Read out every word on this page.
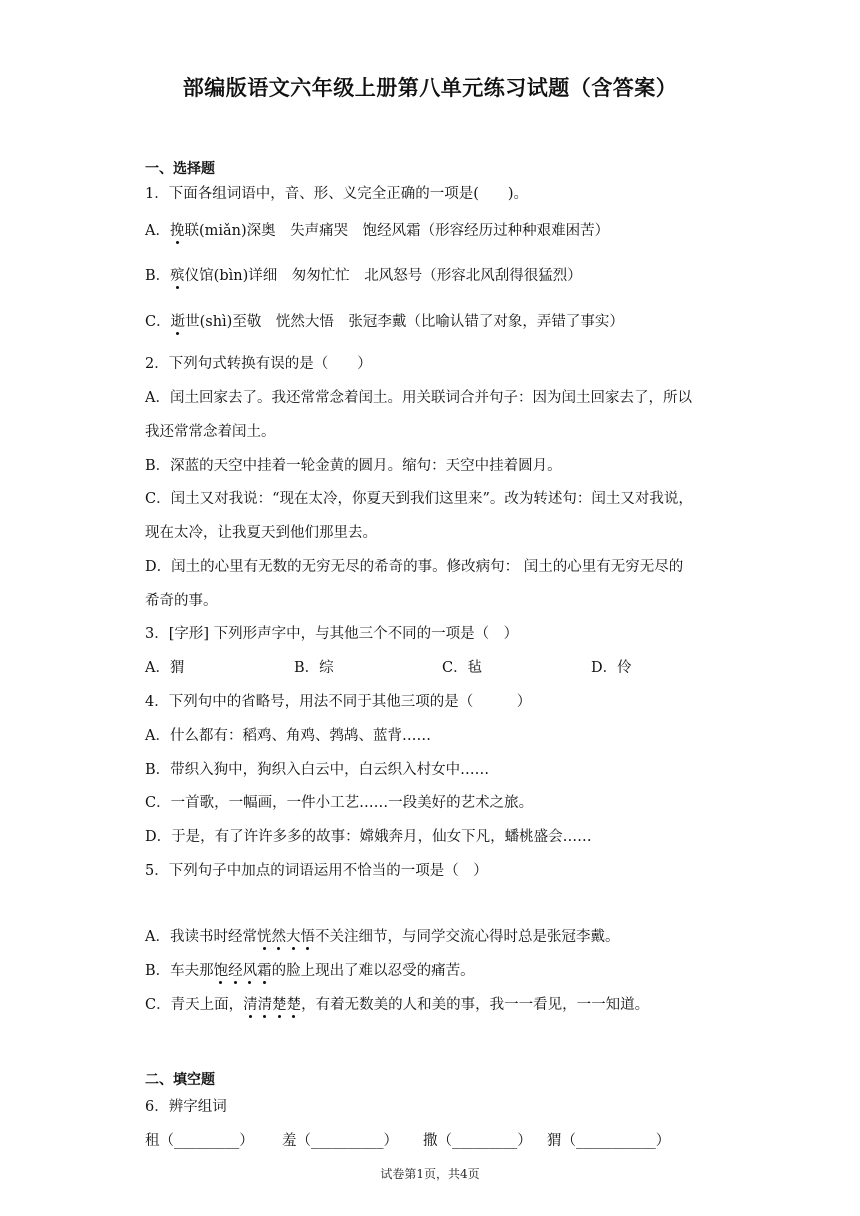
部编版语文六年级上册第八单元练习试题（含答案）
一、选择题
1．下面各组词语中，音、形、义完全正确的一项是(　　)。
A．挽联(miǎn)深奥　失声痛哭　饱经风霜（形容经历过种种艰难困苦）
B．殡仪馆(bìn)详细　匆匆忙忙　北风怒号（形容北风刮得很猛烈）
C．逝世(shì)至敬　恍然大悟　张冠李戴（比喻认错了对象，弄错了事实）
2．下列句式转换有误的是（　　）
A．闰土回家去了。我还常常念着闰土。用关联词合并句子：因为闰土回家去了，所以
我还常常念着闰土。
B．深蓝的天空中挂着一轮金黄的圆月。缩句：天空中挂着圆月。
C．闰土又对我说：“现在太冷，你夏天到我们这里来”。改为转述句：闰土又对我说，
现在太冷，让我夏天到他们那里去。
D．闰土的心里有无数的无穷无尽的希奇的事。修改病句： 闰土的心里有无穷无尽的
希奇的事。
3．[字形] 下列形声字中，与其他三个不同的一项是（　）
A．猬	B．综	C．毡	D．伶
4．下列句中的省略号，用法不同于其他三项的是（　　　）
A．什么都有：稻鸡、角鸡、鹁鸪、蓝背……
B．带织入狗中，狗织入白云中，白云织入村女中……
C．一首歌，一幅画，一件小工艺……一段美好的艺术之旅。
D．于是，有了许许多多的故事：嫦娥奔月，仙女下凡，蟠桃盛会……
5．下列句子中加点的词语运用不恰当的一项是（　）
A．我读书时经常恍然大悟不关注细节，与同学交流心得时总是张冠李戴。
B．车夫那饱经风霜的脸上现出了难以忍受的痛苦。
C．青天上面，清清楚楚，有着无数美的人和美的事，我一一看见，一一知道。
二、填空题
6．辨字组词
租（_________） 羞（__________） 撒（_________） 猬（___________）
试卷第1页，共4页
